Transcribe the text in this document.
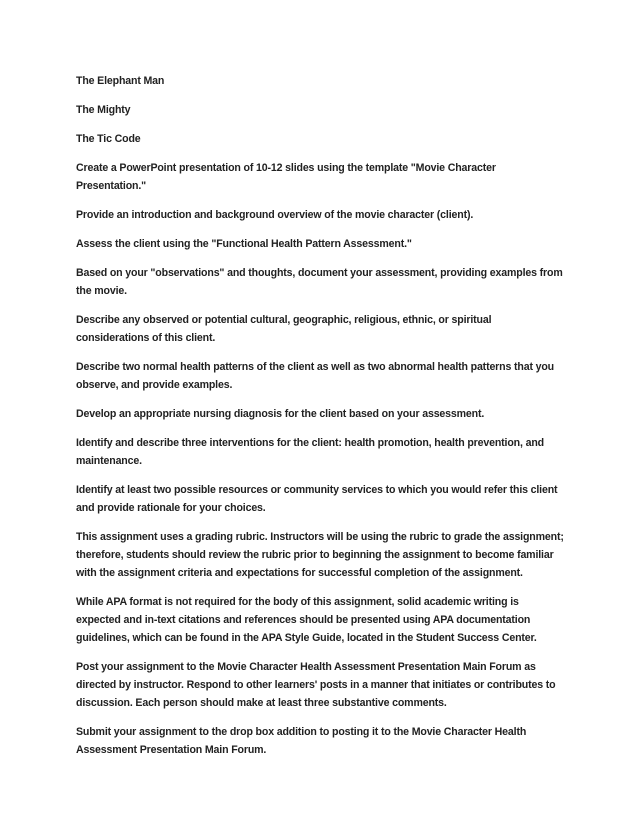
The Elephant Man

The Mighty

The Tic Code

Create a PowerPoint presentation of 10-12 slides using the template "Movie Character Presentation."

Provide an introduction and background overview of the movie character (client).

Assess the client using the "Functional Health Pattern Assessment."

Based on your "observations" and thoughts, document your assessment, providing examples from the movie.

Describe any observed or potential cultural, geographic, religious, ethnic, or spiritual considerations of this client.

Describe two normal health patterns of the client as well as two abnormal health patterns that you observe, and provide examples.

Develop an appropriate nursing diagnosis for the client based on your assessment.

Identify and describe three interventions for the client: health promotion, health prevention, and maintenance.

Identify at least two possible resources or community services to which you would refer this client and provide rationale for your choices.

This assignment uses a grading rubric. Instructors will be using the rubric to grade the assignment; therefore, students should review the rubric prior to beginning the assignment to become familiar with the assignment criteria and expectations for successful completion of the assignment.

While APA format is not required for the body of this assignment, solid academic writing is expected and in-text citations and references should be presented using APA documentation guidelines, which can be found in the APA Style Guide, located in the Student Success Center.

Post your assignment to the Movie Character Health Assessment Presentation Main Forum as directed by instructor. Respond to other learners' posts in a manner that initiates or contributes to discussion. Each person should make at least three substantive comments.

Submit your assignment to the drop box addition to posting it to the Movie Character Health Assessment Presentation Main Forum.
